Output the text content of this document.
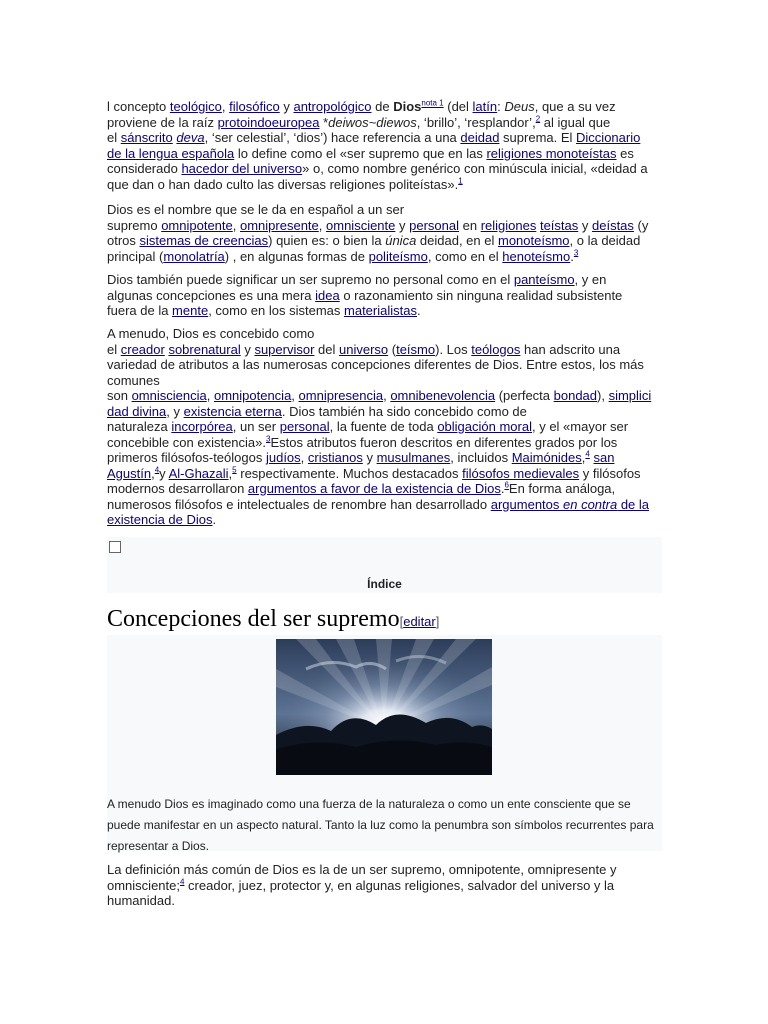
l concepto teológico, filosófico y antropológico de Dios$^{nota 1}$ (del latín: Deus, que a su vez
proviene de la raíz protoindoeuropea *deiwos~diewos, ‘brillo’, ‘resplandor’,$^2$ al igual que
el sánscrito deva, ‘ser celestial’, ‘dios’) hace referencia a una deidad suprema. El Diccionario
de la lengua española lo define como el «ser supremo que en las religiones monoteístas es
considerado hacedor del universo» o, como nombre genérico con minúscula inicial, «deidad a
que dan o han dado culto las diversas religiones politeístas».$^1$

Dios es el nombre que se le da en español a un ser
supremo omnipotente, omnipresente, omnisciente y personal en religiones teístas y deístas (y
otros sistemas de creencias) quien es: o bien la única deidad, en el monoteísmo, o la deidad
principal (monolatría) , en algunas formas de politeísmo, como en el henoteísmo.$^3$

Dios también puede significar un ser supremo no personal como en el panteísmo, y en
algunas concepciones es una mera idea o razonamiento sin ninguna realidad subsistente
fuera de la mente, como en los sistemas materialistas.

A menudo, Dios es concebido como
el creador sobrenatural y supervisor del universo (teísmo). Los teólogos han adscrito una
variedad de atributos a las numerosas concepciones diferentes de Dios. Entre estos, los más
comunes
son omnisciencia, omnipotencia, omnipresencia, omnibenevolencia (perfecta bondad), simplici
dad divina, y existencia eterna. Dios también ha sido concebido como de
naturaleza incorpórea, un ser personal, la fuente de toda obligación moral, y el «mayor ser
concebible con existencia».$^3$Estos atributos fueron descritos en diferentes grados por los
primeros filósofos-teólogos judíos, cristianos y musulmanes, incluidos Maimónides,$^4$ san
Agustín,$^4$y Al-Ghazali,$^5$ respectivamente. Muchos destacados filósofos medievales y filósofos
modernos desarrollaron argumentos a favor de la existencia de Dios.$^6$En forma análoga,
numerosos filósofos e intelectuales de renombre han desarrollado argumentos en contra de la
existencia de Dios.

Índice
Concepciones del ser supremo[editar]
A menudo Dios es imaginado como una fuerza de la naturaleza o como un ente consciente que se
puede manifestar en un aspecto natural. Tanto la luz como la penumbra son símbolos recurrentes para
representar a Dios.

La definición más común de Dios es la de un ser supremo, omnipotente, omnipresente y
omnisciente;$^4$ creador, juez, protector y, en algunas religiones, salvador del universo y la
humanidad.
